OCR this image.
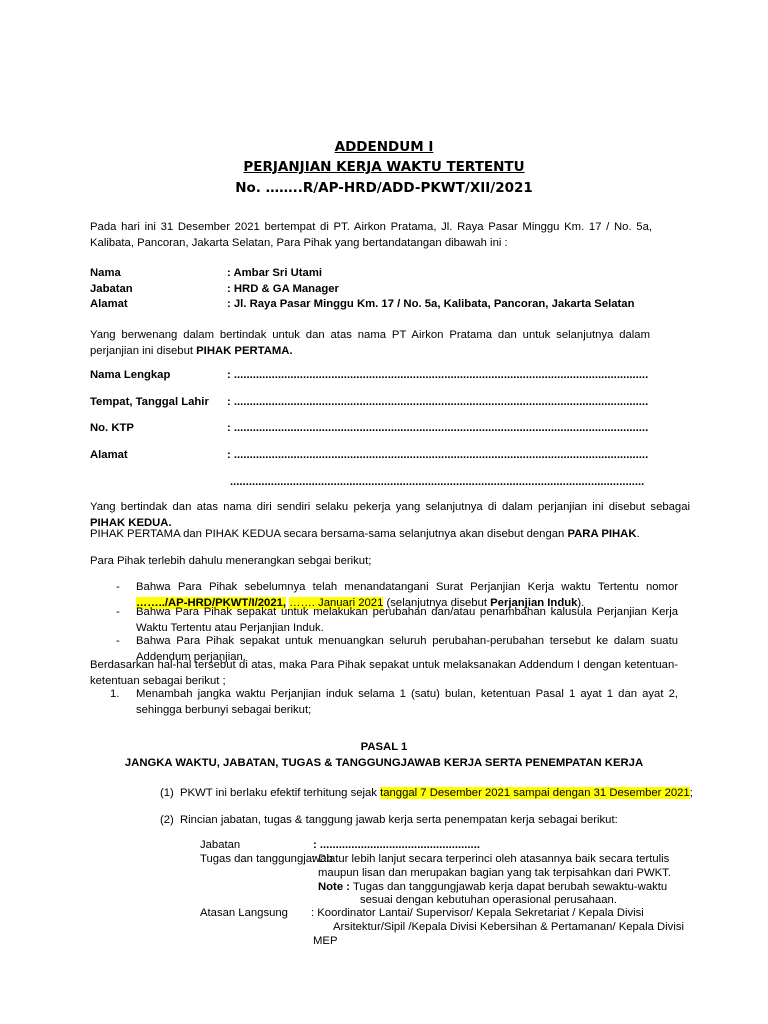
ADDENDUM I
PERJANJIAN KERJA WAKTU TERTENTU
No. ……..R/AP-HRD/ADD-PKWT/XII/2021
Pada hari ini 31 Desember 2021 bertempat di PT. Airkon Pratama, Jl. Raya Pasar Minggu Km. 17 / No. 5a, Kalibata, Pancoran, Jakarta Selatan, Para Pihak yang bertandatangan dibawah ini :
Nama	: Ambar Sri Utami
Jabatan	: HRD & GA Manager
Alamat	: Jl. Raya Pasar Minggu Km. 17 / No. 5a, Kalibata, Pancoran, Jakarta Selatan
Yang berwenang dalam bertindak untuk dan atas nama PT Airkon Pratama dan untuk selanjutnya dalam perjanjian ini disebut PIHAK PERTAMA.
Nama Lengkap	: ....................................................................................................................................
Tempat, Tanggal Lahir : ....................................................................................................................................
No. KTP	: ....................................................................................................................................
Alamat	: ....................................................................................................................................
....................................................................................................................................
Yang bertindak dan atas nama diri sendiri selaku pekerja yang selanjutnya di dalam perjanjian ini disebut sebagai PIHAK KEDUA.
PIHAK PERTAMA dan PIHAK KEDUA secara bersama-sama selanjutnya akan disebut dengan PARA PIHAK.
Para Pihak terlebih dahulu menerangkan sebgai berikut;
- Bahwa Para Pihak sebelumnya telah menandatangani Surat Perjanjian Kerja waktu Tertentu nomor ……../AP-HRD/PKWT/I/2021, ……. Januari 2021 (selanjutnya disebut Perjanjian Induk).
- Bahwa Para Pihak sepakat untuk melakukan perubahan dan/atau penambahan kalusula Perjanjian Kerja Waktu Tertentu atau Perjanjian Induk.
- Bahwa Para Pihak sepakat untuk menuangkan seluruh perubahan-perubahan tersebut ke dalam suatu Addendum perjanjian.
Berdasarkan hal-hal tersebut di atas, maka Para Pihak sepakat untuk melaksanakan Addendum I dengan ketentuan-ketentuan sebagai berikut ;
1. Menambah jangka waktu Perjanjian induk selama 1 (satu) bulan, ketentuan Pasal 1 ayat 1 dan ayat 2, sehingga berbunyi sebagai berikut;
PASAL 1
JANGKA WAKTU, JABATAN, TUGAS & TANGGUNGJAWAB KERJA SERTA PENEMPATAN KERJA
(1) PKWT ini berlaku efektif terhitung sejak tanggal 7 Desember 2021 sampai dengan 31 Desember 2021;
(2) Rincian jabatan, tugas & tanggung jawab kerja serta penempatan kerja sebagai berikut:
Jabatan	: ...................................................
Tugas dan tanggungjawab
: Diatur lebih lanjut secara terperinci oleh atasannya baik secara tertulis
maupun lisan dan merupakan bagian yang tak terpisahkan dari PWKT.
Note : Tugas dan tanggungjawab kerja dapat berubah sewaktu-waktu
sesuai dengan kebutuhan operasional perusahaan.
Atasan Langsung : Koordinator Lantai/ Supervisor/ Kepala Sekretariat / Kepala Divisi
Arsitektur/Sipil /Kepala Divisi Kebersihan & Pertamanan/ Kepala Divisi
MEP
